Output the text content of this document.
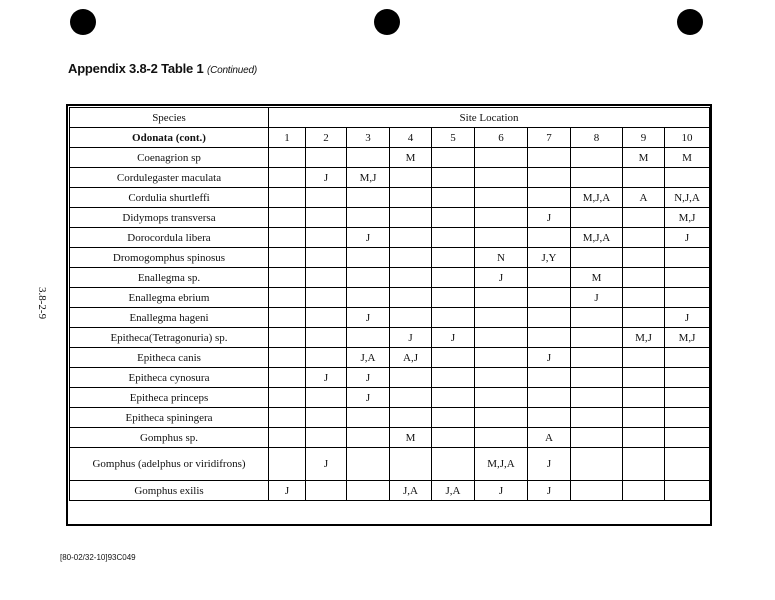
Appendix 3.8-2 Table 1 (Continued)
3.8-2-9
Species	Site Location									
Odonata (cont.)	1	2	3	4	5	6	7	8	9	10
Coenagrion sp				M					M	M
Cordulegaster maculata		J	M,J							
Cordulia shurtleffi								M,J,A	A	N,J,A
Didymops transversa							J			M,J
Dorocordula libera			J					M,J,A		J
Dromogomphus spinosus						N	J,Y			
Enallegma sp.						J		M		
Enallegma ebrium								J		
Enallegma hageni			J							J
Epitheca(Tetragonuria) sp.				J	J				M,J	M,J
Epitheca canis			J,A	A,J			J			
Epitheca cynosura		J	J							
Epitheca princeps			J							
Epitheca spiningera										
Gomphus sp.				M			A			
Gomphus (adelphus or viridifrons)		J				M,J,A	J			
Gomphus exilis	J			J,A	J,A	J	J			
[80-02/32-10]93C049
